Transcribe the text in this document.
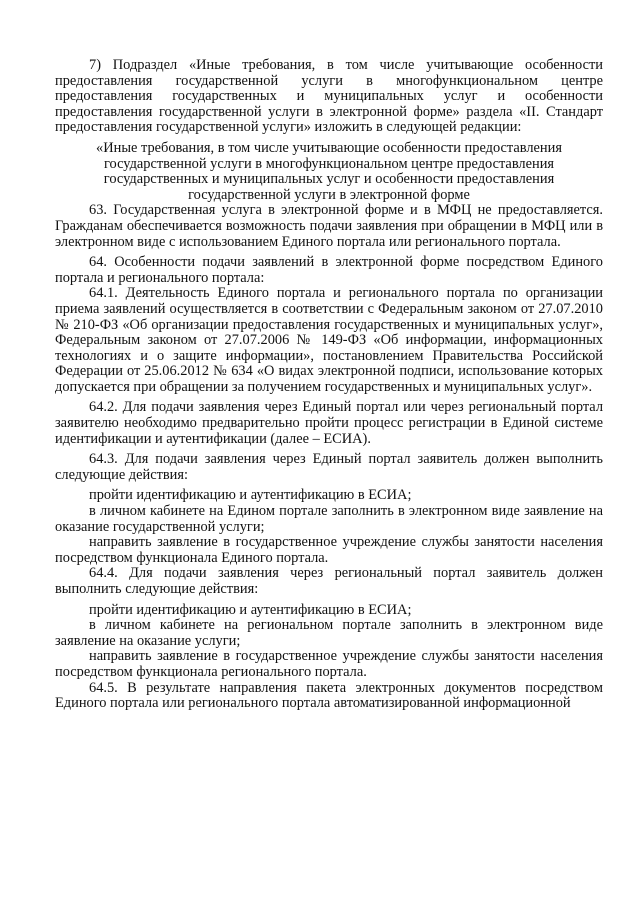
7) Подраздел «Иные требования, в том числе учитывающие особенности предоставления государственной услуги в многофункциональном центре предоставления государственных и муниципальных услуг и особенности предоставления государственной услуги в электронной форме» раздела «II. Стандарт предоставления государственной услуги» изложить в следующей редакции:

«Иные требования, в том числе учитывающие особенности предоставления государственной услуги в многофункциональном центре предоставления государственных и муниципальных услуг и особенности предоставления государственной услуги в электронной форме

63. Государственная услуга в электронной форме и в МФЦ не предоставляется. Гражданам обеспечивается возможность подачи заявления при обращении в МФЦ или в электронном виде с использованием Единого портала или регионального портала.

64. Особенности подачи заявлений в электронной форме посредством Единого портала и регионального портала:

64.1. Деятельность Единого портала и регионального портала по организации приема заявлений осуществляется в соответствии с Федеральным законом от 27.07.2010 № 210-ФЗ «Об организации предоставления государственных и муниципальных услуг», Федеральным законом от 27.07.2006 № 149-ФЗ «Об информации, информационных технологиях и о защите информации», постановлением Правительства Российской Федерации от 25.06.2012 № 634 «О видах электронной подписи, использование которых допускается при обращении за получением государственных и муниципальных услуг».

64.2. Для подачи заявления через Единый портал или через региональный портал заявителю необходимо предварительно пройти процесс регистрации в Единой системе идентификации и аутентификации (далее – ЕСИА).

64.3. Для подачи заявления через Единый портал заявитель должен выполнить следующие действия:

пройти идентификацию и аутентификацию в ЕСИА;

в личном кабинете на Едином портале заполнить в электронном виде заявление на оказание государственной услуги;

направить заявление в государственное учреждение службы занятости населения посредством функционала Единого портала.

64.4. Для подачи заявления через региональный портал заявитель должен выполнить следующие действия:

пройти идентификацию и аутентификацию в ЕСИА;

в личном кабинете на региональном портале заполнить в электронном виде заявление на оказание услуги;

направить заявление в государственное учреждение службы занятости населения посредством функционала регионального портала.

64.5. В результате направления пакета электронных документов посредством Единого портала или регионального портала автоматизированной информационной
